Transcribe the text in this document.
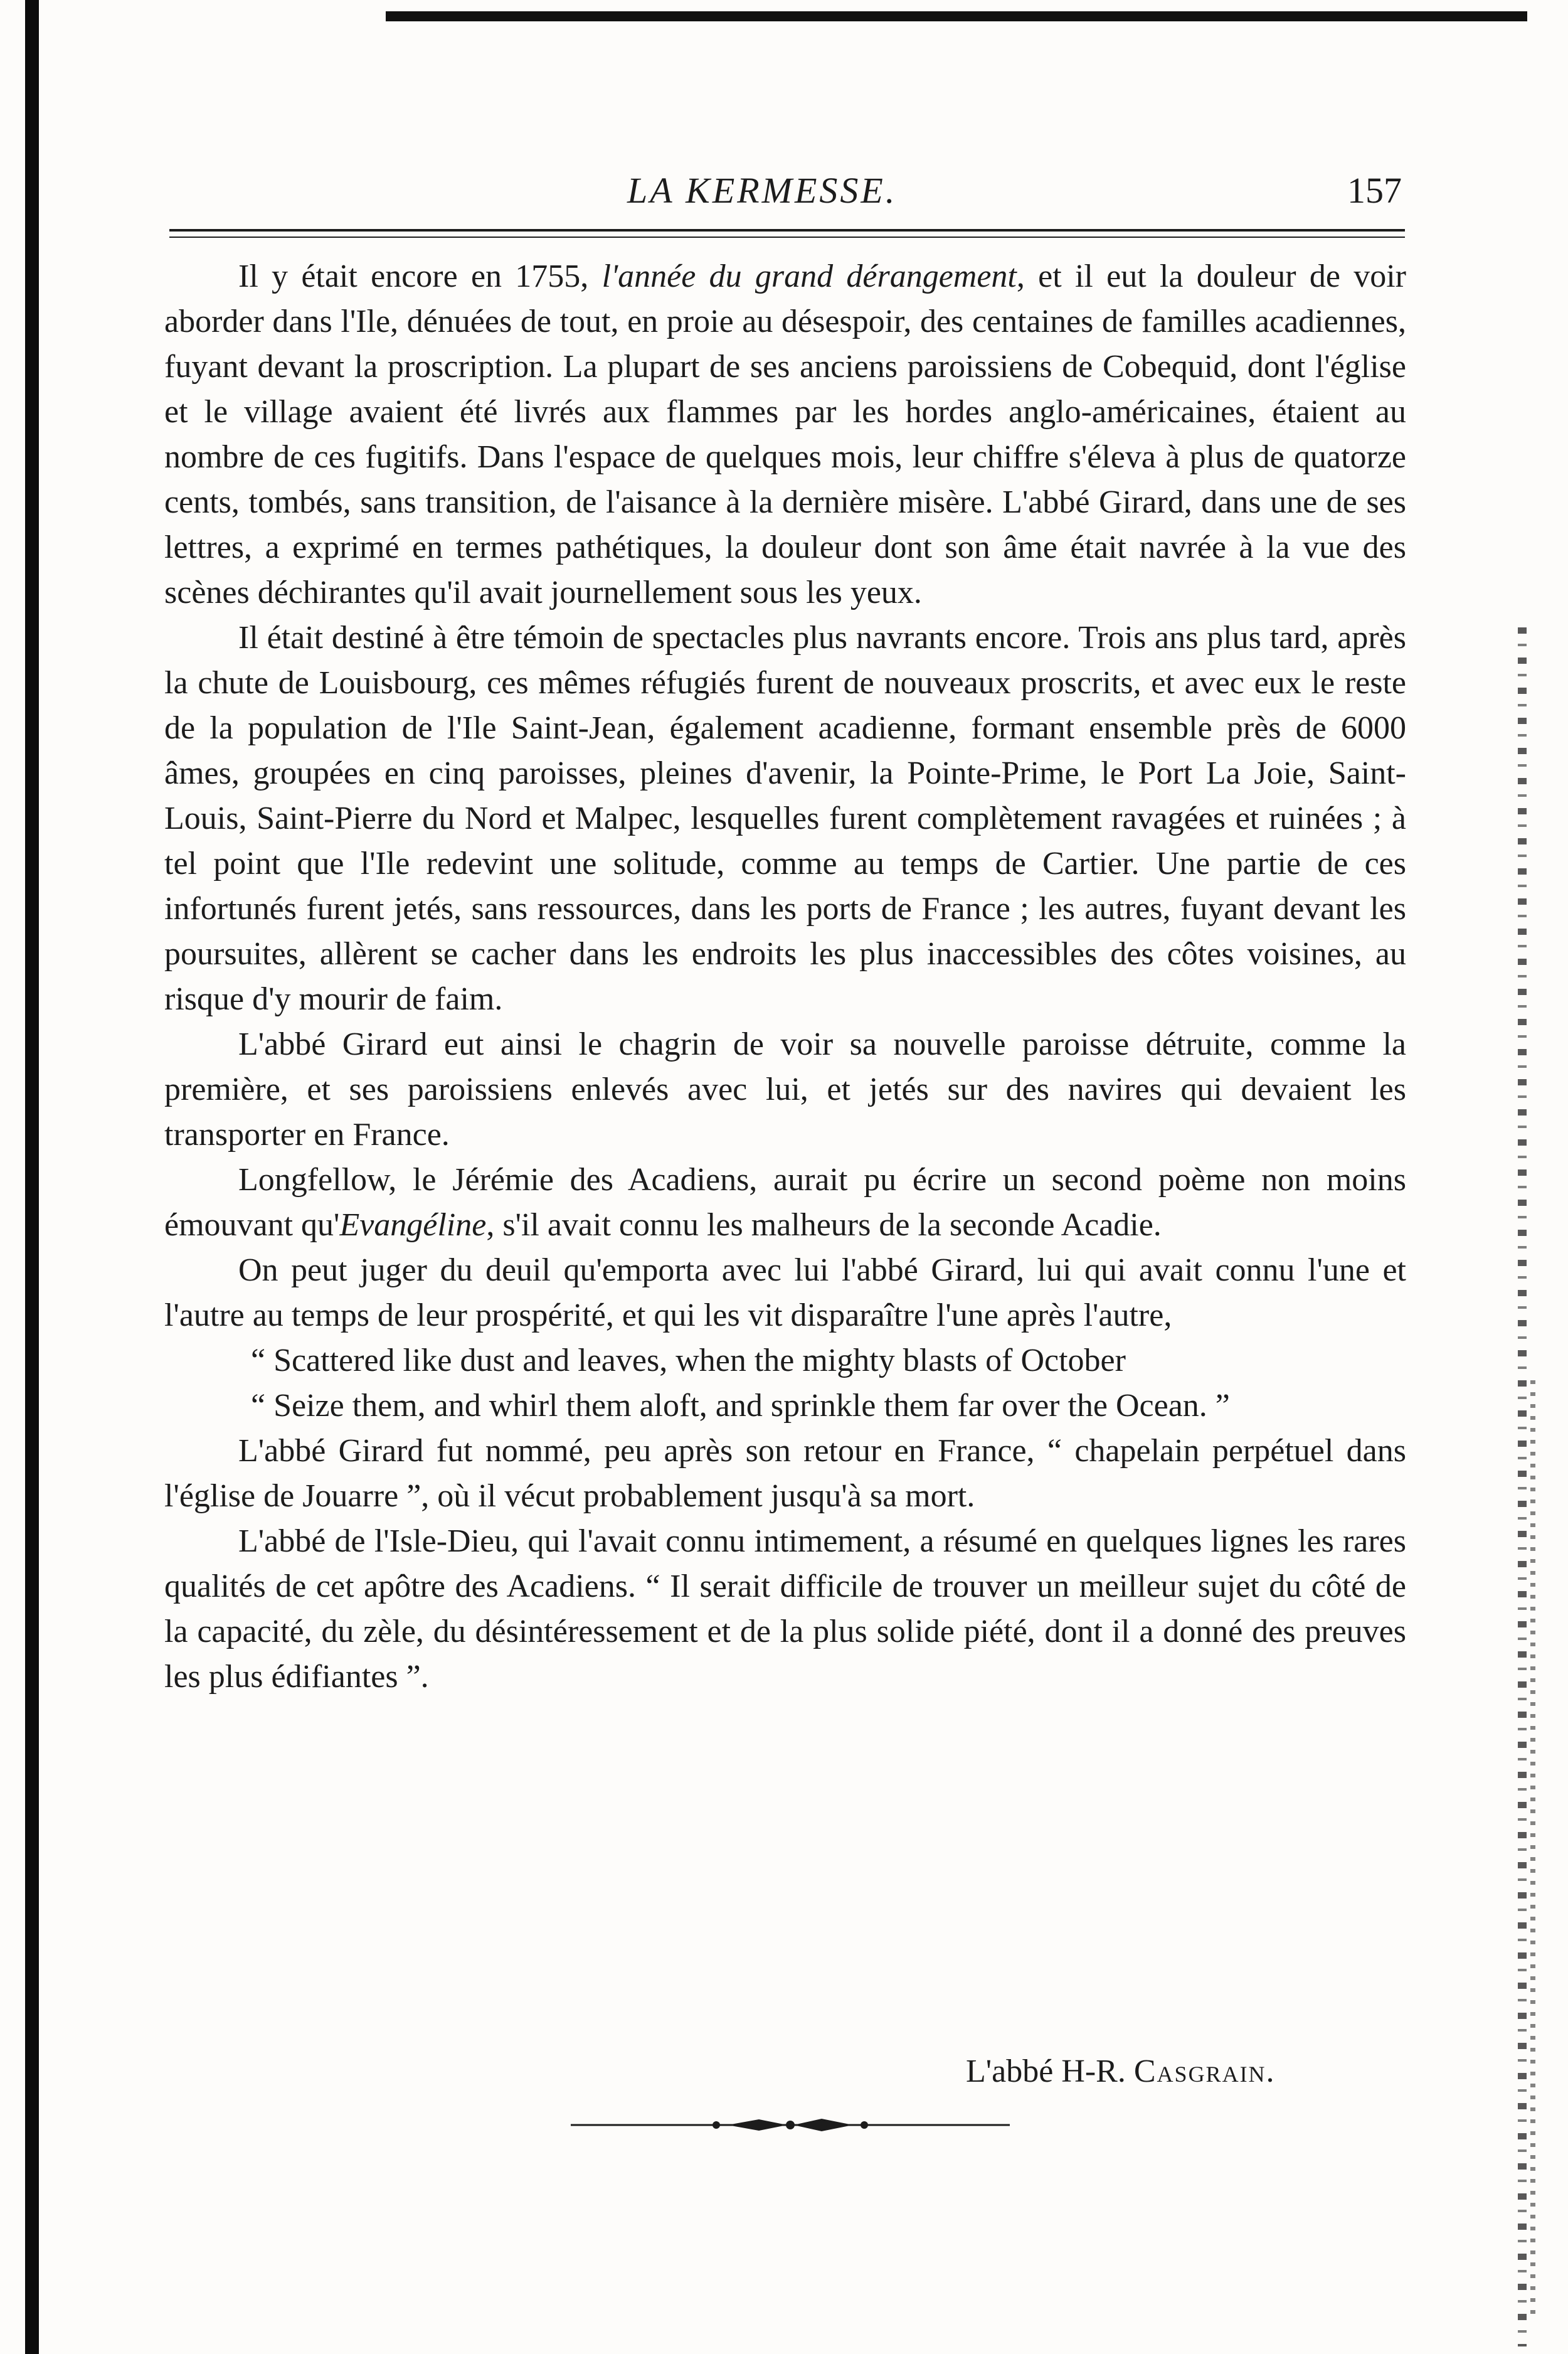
LA KERMESSE.	157

Il y était encore en 1755, l'année du grand dérangement, et il eut la douleur de voir aborder dans l'Ile, dénuées de tout, en proie au désespoir, des centaines de familles acadiennes, fuyant devant la proscription. La plupart de ses anciens paroissiens de Cobequid, dont l'église et le village avaient été livrés aux flammes par les hordes anglo-américaines, étaient au nombre de ces fugitifs. Dans l'espace de quelques mois, leur chiffre s'éleva à plus de quatorze cents, tombés, sans transition, de l'aisance à la dernière misère. L'abbé Girard, dans une de ses lettres, a exprimé en termes pathétiques, la douleur dont son âme était navrée à la vue des scènes déchirantes qu'il avait journellement sous les yeux.

Il était destiné à être témoin de spectacles plus navrants encore. Trois ans plus tard, après la chute de Louisbourg, ces mêmes réfugiés furent de nouveaux proscrits, et avec eux le reste de la population de l'Ile Saint-Jean, également acadienne, formant ensemble près de 6000 âmes, groupées en cinq paroisses, pleines d'avenir, la Pointe-Prime, le Port La Joie, Saint-Louis, Saint-Pierre du Nord et Malpec, lesquelles furent complètement ravagées et ruinées ; à tel point que l'Ile redevint une solitude, comme au temps de Cartier. Une partie de ces infortunés furent jetés, sans ressources, dans les ports de France ; les autres, fuyant devant les poursuites, allèrent se cacher dans les endroits les plus inaccessibles des côtes voisines, au risque d'y mourir de faim.

L'abbé Girard eut ainsi le chagrin de voir sa nouvelle paroisse détruite, comme la première, et ses paroissiens enlevés avec lui, et jetés sur des navires qui devaient les transporter en France.

Longfellow, le Jérémie des Acadiens, aurait pu écrire un second poème non moins émouvant qu'Evangéline, s'il avait connu les malheurs de la seconde Acadie.

On peut juger du deuil qu'emporta avec lui l'abbé Girard, lui qui avait connu l'une et l'autre au temps de leur prospérité, et qui les vit disparaître l'une après l'autre,

“ Scattered like dust and leaves, when the mighty blasts of October

“ Seize them, and whirl them aloft, and sprinkle them far over the Ocean. ”

L'abbé Girard fut nommé, peu après son retour en France, “ chapelain perpétuel dans l'église de Jouarre ”, où il vécut probablement jusqu'à sa mort.

L'abbé de l'Isle-Dieu, qui l'avait connu intimement, a résumé en quelques lignes les rares qualités de cet apôtre des Acadiens. “ Il serait difficile de trouver un meilleur sujet du côté de la capacité, du zèle, du désintéressement et de la plus solide piété, dont il a donné des preuves les plus édifiantes ”.

L'abbé H-R. Casgrain.
